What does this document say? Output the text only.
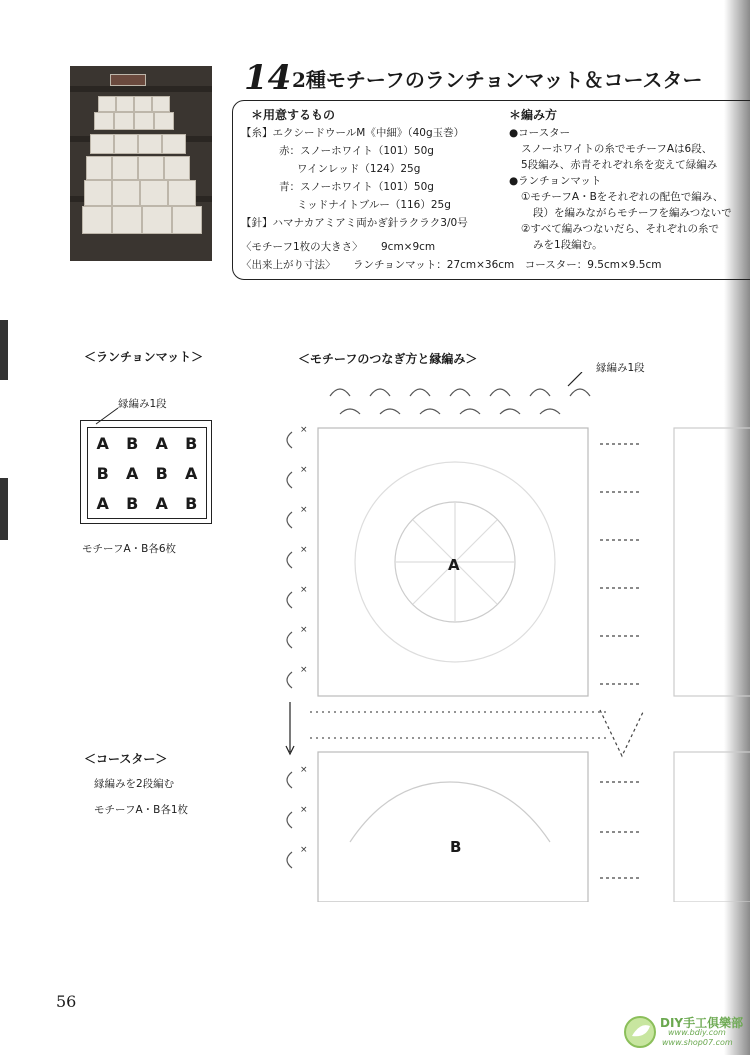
14 2種モチーフのランチョンマット＆コースター
＊用意するもの
【糸】エクシードウールM《中細》（40g玉巻）
赤：スノーホワイト（101）50g
ワインレッド（124）25g
青：スノーホワイト（101）50g
ミッドナイトブルー（116）25g
【針】ハマナカアミアミ両かぎ針ラクラク3/0号
〈モチーフ1枚の大きさ〉 9cm×9cm
〈出来上がり寸法〉 ランチョンマット：27cm×36cm　コースター：9.5cm×9.5cm
＊編み方
●コースター
スノーホワイトの糸でモチーフAは6段、
5段編み、赤青それぞれ糸を変えて緑編み
●ランチョンマット
①モチーフA・Bをそれぞれの配色で編み、
段）を編みながらモチーフを編みつないで
②すべて編みつないだら、それぞれの糸で
みを1段編む。
＜ランチョンマット＞
縁編み1段
A	B	A	B
B	A	B	A
A	B	A	B
モチーフA・B各6枚
＜コースター＞
縁編みを2段編む
モチーフA・B各1枚
＜モチーフのつなぎ方と縁編み＞
縁編み1段
×
×
×
×
×
×
×
×
×
×
A
B
56
DIY手工俱樂部
www.bdiy.com
www.shop07.com
